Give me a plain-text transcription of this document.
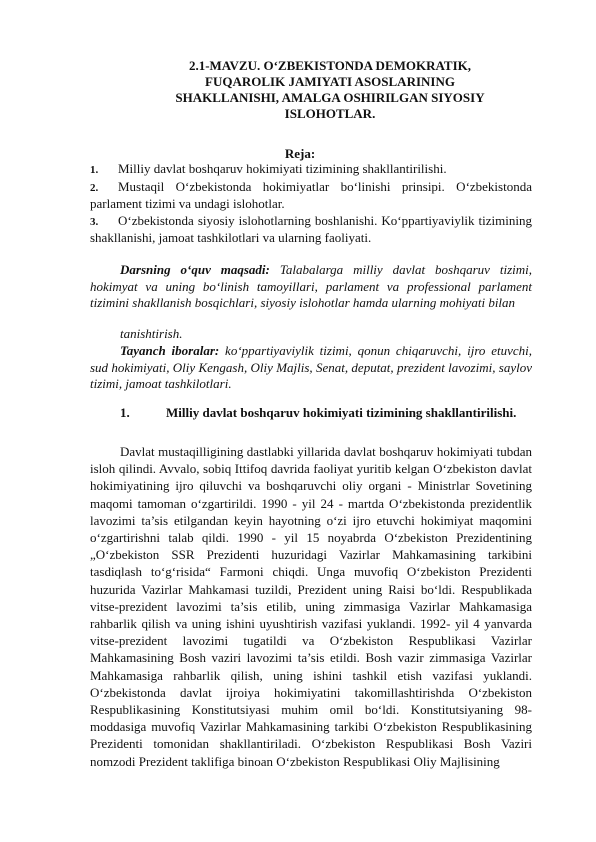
2.1-MAVZU. O‘ZBEKISTONDA DEMOKRATIK,
FUQAROLIK JAMIYATI ASOSLARINING
SHAKLLANISHI, AMALGA OSHIRILGAN SIYOSIY
ISLOHOTLAR.
Reja:
1. Milliy davlat boshqaruv hokimiyati tizimining shakllantirilishi.
2. Mustaqil O‘zbekistonda hokimiyatlar bo‘linishi prinsipi. O‘zbekistonda parlament tizimi va undagi islohotlar.
3. O‘zbekistonda siyosiy islohotlarning boshlanishi. Ko‘ppartiyaviylik tizimining shakllanishi, jamoat tashkilotlari va ularning faoliyati.

Darsning o‘quv maqsadi: Talabalarga milliy davlat boshqaruv tizimi, hokimyat va uning bo‘linish tamoyillari, parlament va professional parlament tizimini shakllanish bosqichlari, siyosiy islohotlar hamda ularning mohiyati bilan

tanishtirish.

Tayanch iboralar: ko‘ppartiyaviylik tizimi, qonun chiqaruvchi, ijro etuvchi, sud hokimiyati, Oliy Kengash, Oliy Majlis, Senat, deputat, prezident lavozimi, saylov tizimi, jamoat tashkilotlari.

1.	Milliy davlat boshqaruv hokimiyati tizimining shakllantirilishi.

Davlat mustaqilligining dastlabki yillarida davlat boshqaruv hokimiyati tubdan isloh qilindi. Avvalo, sobiq Ittifoq davrida faoliyat yuritib kelgan O‘zbekiston davlat hokimiyatining ijro qiluvchi va boshqaruvchi oliy organi - Ministrlar Sovetining maqomi tamoman o‘zgartirildi. 1990 - yil 24 - martda O‘zbekistonda prezidentlik lavozimi ta’sis etilgandan keyin hayotning o‘zi ijro etuvchi hokimiyat maqomini o‘zgartirishni talab qildi. 1990 - yil 15 noyabrda O‘zbekiston Prezidentining „O‘zbekiston SSR Prezidenti huzuridagi Vazirlar Mahkamasining tarkibini tasdiqlash to‘g‘risida“ Farmoni chiqdi. Unga muvofiq O‘zbekiston Prezidenti huzurida Vazirlar Mahkamasi tuzildi, Prezident uning Raisi bo‘ldi. Respublikada vitse-prezident lavozimi ta’sis etilib, uning zimmasiga Vazirlar Mahkamasiga rahbarlik qilish va uning ishini uyushtirish vazifasi yuklandi. 1992- yil 4 yanvarda vitse-prezident lavozimi tugatildi va O‘zbekiston Respublikasi Vazirlar Mahkamasining Bosh vaziri lavozimi ta’sis etildi. Bosh vazir zimmasiga Vazirlar Mahkamasiga rahbarlik qilish, uning ishini tashkil etish vazifasi yuklandi. O‘zbekistonda davlat ijroiya hokimiyatini takomillashtirishda O‘zbekiston Respublikasining Konstitutsiyasi muhim omil bo‘ldi. Konstitutsiyaning 98-moddasiga muvofiq Vazirlar Mahkamasining tarkibi O‘zbekiston Respublikasining Prezidenti tomonidan shakllantiriladi. O‘zbekiston Respublikasi Bosh Vaziri nomzodi Prezident taklifiga binoan O‘zbekiston Respublikasi Oliy Majlisining
